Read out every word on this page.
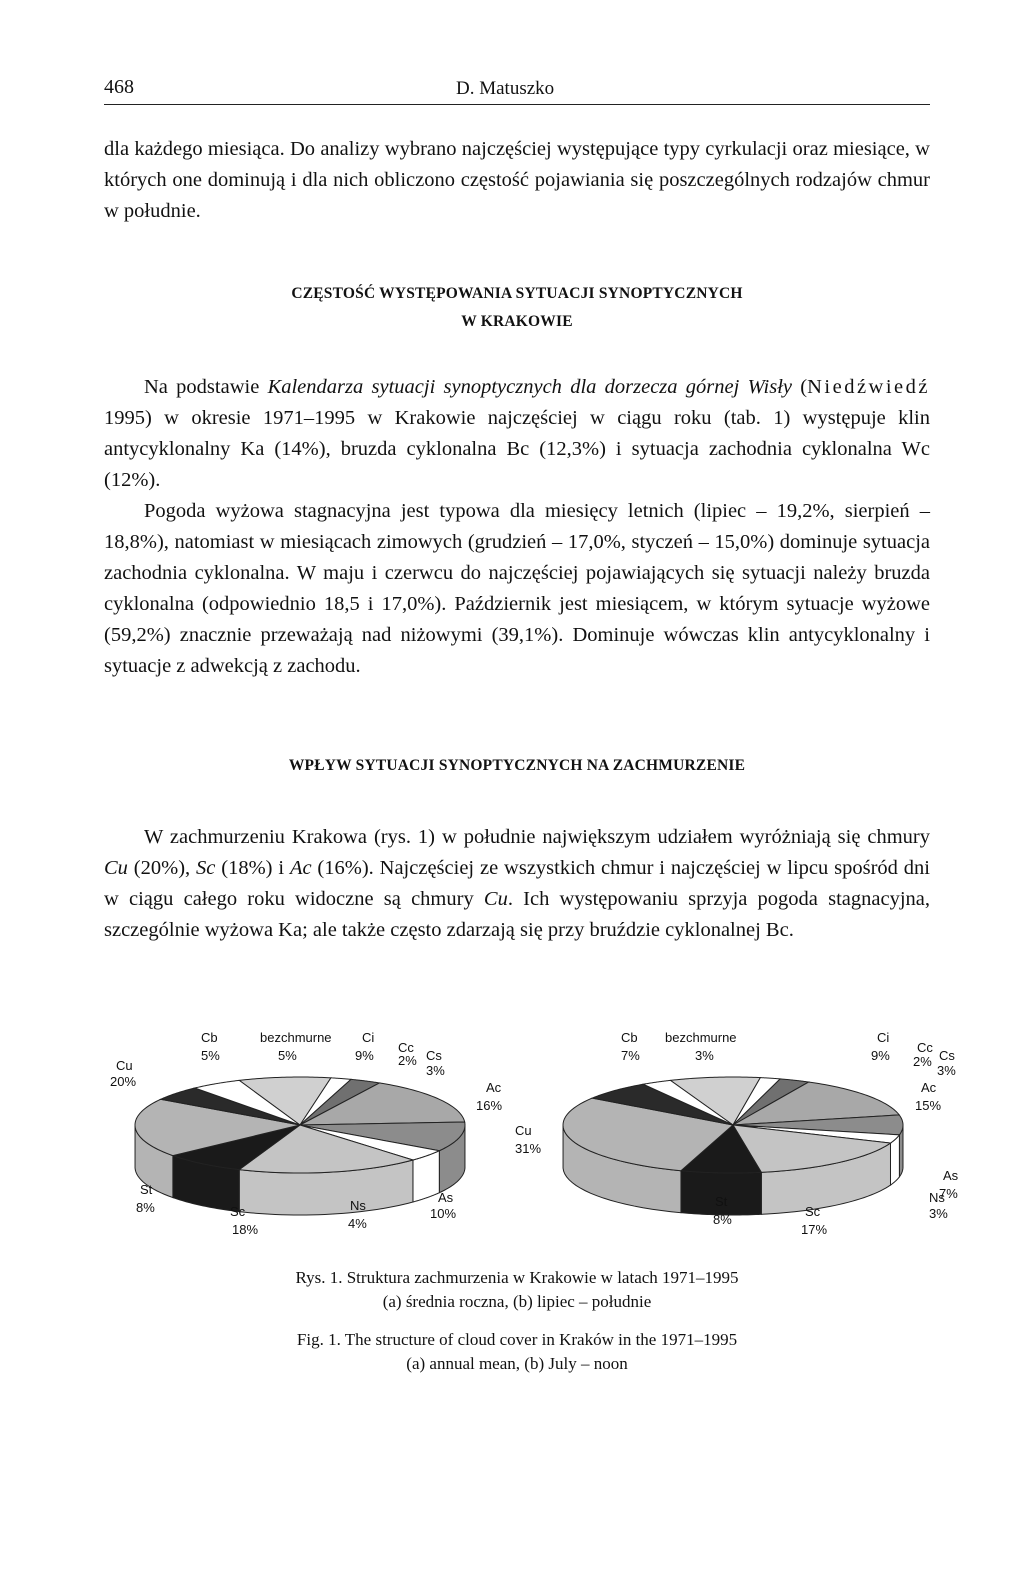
468	D. Matuszko

dla każdego miesiąca. Do analizy wybrano najczęściej występujące typy cyrkulacji oraz miesiące, w których one dominują i dla nich obliczono częstość pojawiania się poszczególnych rodzajów chmur w południe.

CZĘSTOŚĆ WYSTĘPOWANIA SYTUACJI SYNOPTYCZNYCH
W KRAKOWIE

Na podstawie Kalendarza sytuacji synoptycznych dla dorzecza górnej Wisły (Niedźwiedź 1995) w okresie 1971–1995 w Krakowie najczęściej w ciągu roku (tab. 1) występuje klin antycyklonalny Ka (14%), bruzda cyklonalna Bc (12,3%) i sytuacja zachodnia cyklonalna Wc (12%).

Pogoda wyżowa stagnacyjna jest typowa dla miesięcy letnich (lipiec – 19,2%, sierpień – 18,8%), natomiast w miesiącach zimowych (grudzień – 17,0%, styczeń – 15,0%) dominuje sytuacja zachodnia cyklonalna. W maju i czerwcu do najczęściej pojawiających się sytuacji należy bruzda cyklonalna (odpowiednio 18,5 i 17,0%). Październik jest miesiącem, w którym sytuacje wyżowe (59,2%) znacznie przeważają nad niżowymi (39,1%). Dominuje wówczas klin antycyklonalny i sytuacje z adwekcją z zachodu.

WPŁYW SYTUACJI SYNOPTYCZNYCH NA ZACHMURZENIE

W zachmurzeniu Krakowa (rys. 1) w południe największym udziałem wyróżniają się chmury Cu (20%), Sc (18%) i Ac (16%). Najczęściej ze wszystkich chmur i najczęściej w lipcu spośród dni w ciągu całego roku widoczne są chmury Cu. Ich występowaniu sprzyja pogoda stagnacyjna, szczególnie wyżowa Ka; ale także często zdarzają się przy bruździe cyklonalnej Bc.

Ci
9%
Cc
2% Cs
3%
Ac
16%
As
10%
Ns
4%
Sc
18%
St
8%
Cu
20%
Cb
5%
bezchmurne
5%
Ci
9%
Cc
2% Cs
3%
Ac
15%
As
7%
Ns
3%
Sc
17%
St
8%
Cu
31%
Cb
7%
bezchmurne
3%

Rys. 1. Struktura zachmurzenia w Krakowie w latach 1971–1995
(a) średnia roczna, (b) lipiec – południe

Fig. 1. The structure of cloud cover in Kraków in the 1971–1995
(a) annual mean, (b) July – noon
